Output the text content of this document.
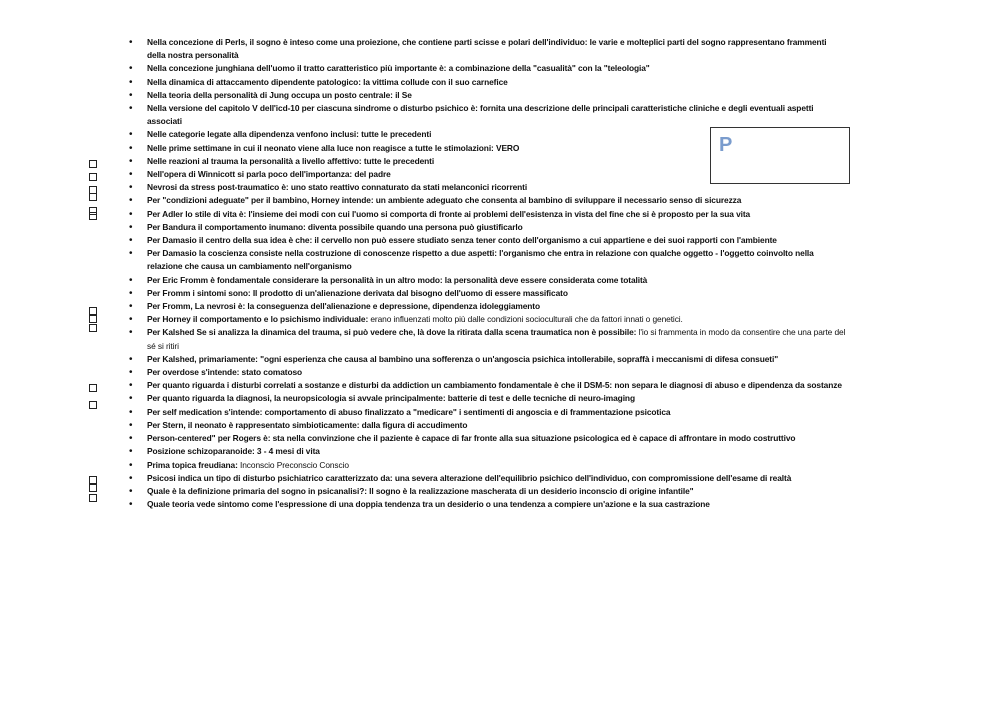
• Nella concezione di Perls, il sogno è inteso come una proiezione, che contiene parti scisse e polari dell'individuo: le varie e molteplici parti del sogno rappresentano frammenti della nostra personalità
• Nella concezione junghiana dell'uomo il tratto caratteristico più importante è: a combinazione della "casualità" con la "teleologia"
• Nella dinamica di attaccamento dipendente patologico: la vittima collude con il suo carnefice
• Nella teoria della personalità di Jung occupa un posto centrale: il Se
• Nella versione del capitolo V dell'icd-10 per ciascuna sindrome o disturbo psichico è: fornita una descrizione delle principali caratteristiche cliniche e degli eventuali aspetti associati
• Nelle categorie legate alla dipendenza venfono inclusi: tutte le precedenti
• Nelle prime settimane in cui il neonato viene alla luce non reagisce a tutte le stimolazioni: VERO
• Nelle reazioni al trauma la personalità a livello affettivo: tutte le precedenti
• Nell'opera di Winnicott si parla poco dell'importanza: del padre
• Nevrosi da stress post-traumatico è: uno stato reattivo connaturato da stati melanconici ricorrenti
• Per "condizioni adeguate" per il bambino, Horney intende: un ambiente adeguato che consenta al bambino di sviluppare il necessario senso di sicurezza
• Per Adler lo stile di vita è: l'insieme dei modi con cui l'uomo si comporta di fronte ai problemi dell'esistenza in vista del fine che si è proposto per la sua vita
• Per Bandura il comportamento inumano: diventa possibile quando una persona può giustificarlo
• Per Damasio il centro della sua idea è che: il cervello non può essere studiato senza tener conto dell'organismo a cui appartiene e dei suoi rapporti con l'ambiente
• Per Damasio la coscienza consiste nella costruzione di conoscenze rispetto a due aspetti: l'organismo che entra in relazione con qualche oggetto - l'oggetto coinvolto nella relazione che causa un cambiamento nell'organismo
• Per Eric Fromm è fondamentale considerare la personalità in un altro modo: la personalità deve essere considerata come totalità
• Per Fromm i sintomi sono: Il prodotto di un'alienazione derivata dal bisogno dell'uomo di essere massificato
• Per Fromm, La nevrosi è: la conseguenza dell'alienazione e depressione, dipendenza idoleggiamento
• Per Horney il comportamento e lo psichismo individuale: erano influenzati molto più dalle condizioni socioculturali che da fattori innati o genetici.
• Per Kalshed Se si analizza la dinamica del trauma, si può vedere che, là dove la ritirata dalla scena traumatica non è possibile: l'io si frammenta in modo da consentire che una parte del sé si ritiri
• Per Kalshed, primariamente: "ogni esperienza che causa al bambino una sofferenza o un'angoscia psichica intollerabile, sopraffà i meccanismi di difesa consueti"
• Per overdose s'intende: stato comatoso
• Per quanto riguarda i disturbi correlati a sostanze e disturbi da addiction un cambiamento fondamentale è che il DSM-5: non separa le diagnosi di abuso e dipendenza da sostanze
• Per quanto riguarda la diagnosi, la neuropsicologia si avvale principalmente: batterie di test e delle tecniche di neuro-imaging
• Per self medication s'intende: comportamento di abuso finalizzato a "medicare" i sentimenti di angoscia e di frammentazione psicotica
• Per Stern, il neonato è rappresentato simbioticamente: dalla figura di accudimento
• Person-centered" per Rogers è: sta nella convinzione che il paziente è capace di far fronte alla sua situazione psicologica ed è capace di affrontare in modo costruttivo
• Posizione schizoparanoide: 3 - 4 mesi di vita
• Prima topica freudiana: Inconscio Preconscio Conscio
• Psicosi indica un tipo di disturbo psichiatrico caratterizzato da: una severa alterazione dell'equilibrio psichico dell'individuo, con compromissione dell'esame di realtà
• Quale è la definizione primaria del sogno in psicanalisi?: Il sogno è la realizzazione mascherata di un desiderio inconscio di origine infantile"
• Quale teoria vede sintomo come l'espressione di una doppia tendenza tra un desiderio o una tendenza a compiere un'azione e la sua castrazione
P
